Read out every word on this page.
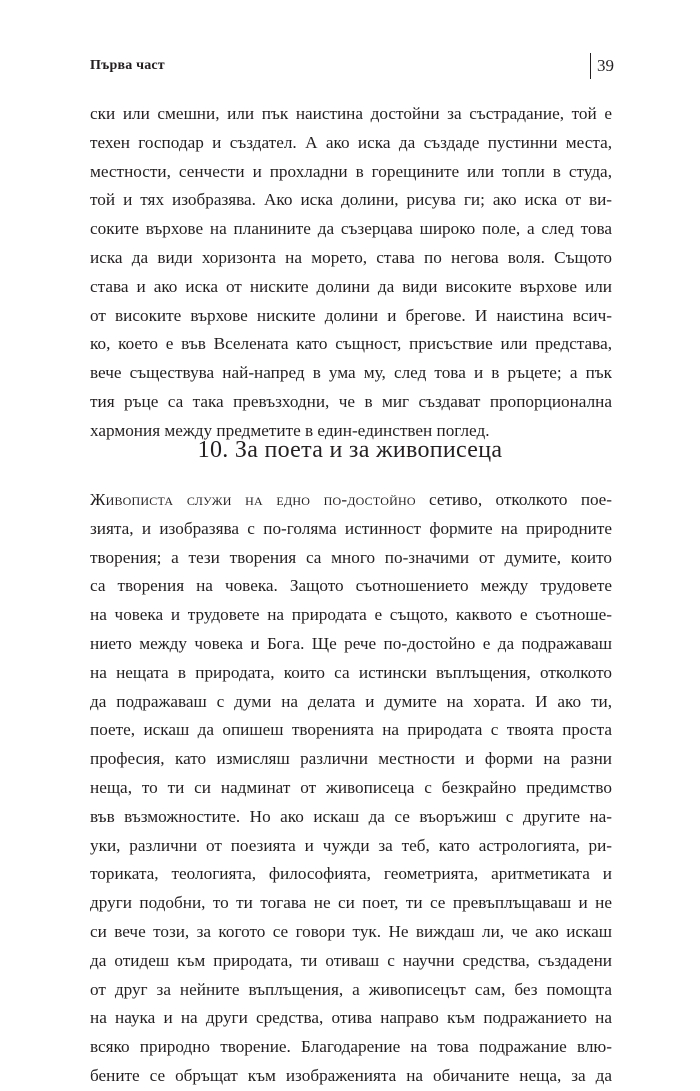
Първа част	39
ски или смешни, или пък наистина достойни за състрадание, той е
техен господар и създател. А ако иска да създаде пустинни места,
местности, сенчести и прохладни в горещините или топли в студа,
той и тях изобразява. Ако иска долини, рисува ги; ако иска от ви-
соките върхове на планините да съзерцава широко поле, а след това
иска да види хоризонта на морето, става по негова воля. Същото
става и ако иска от ниските долини да види високите върхове или
от високите върхове ниските долини и брегове. И наистина всич-
ко, което е във Вселената като същност, присъствие или представа,
вече съществува най-напред в ума му, след това и в ръцете; а пък
тия ръце са така превъзходни, че в миг създават пропорционална
хармония между предметите в един-единствен поглед.
10. За поета и за живописеца
Живописта служи на едно по-достойно сетиво, отколкото поe-
зията, и изобразява с по-голяма истинност формите на природните
творения; а тези творения са много по-значими от думите, които
са творения на човека. Защото съотношението между трудовете
на човека и трудовете на природата е същото, каквото е съотноше-
нието между човека и Бога. Ще рече по-достойно е да подражаваш
на нещата в природата, които са истински въплъщения, отколкото
да подражаваш с думи на делата и думите на хората. И ако ти,
поете, искаш да опишеш творенията на природата с твоята проста
професия, като измисляш различни местности и форми на разни
неща, то ти си надминат от живописеца с безкрайно предимство
във възможностите. Но ако искаш да се въоръжиш с другите на-
уки, различни от поезията и чужди за теб, като астрологията, ри-
ториката, теологията, философията, геометрията, аритметиката и
други подобни, то ти тогава не си поет, ти се превъплъщаваш и не
си вече този, за когото се говори тук. Не виждаш ли, че ако искаш
да отидеш към природата, ти отиваш с научни средства, създадени
от друг за нейните въплъщения, а живописецът сам, без помощта
на наука и на други средства, отива направо към подражанието на
всяко природно творение. Благодарение на това подражание влю-
бените се обръщат към изображенията на обичаните неща, за да
